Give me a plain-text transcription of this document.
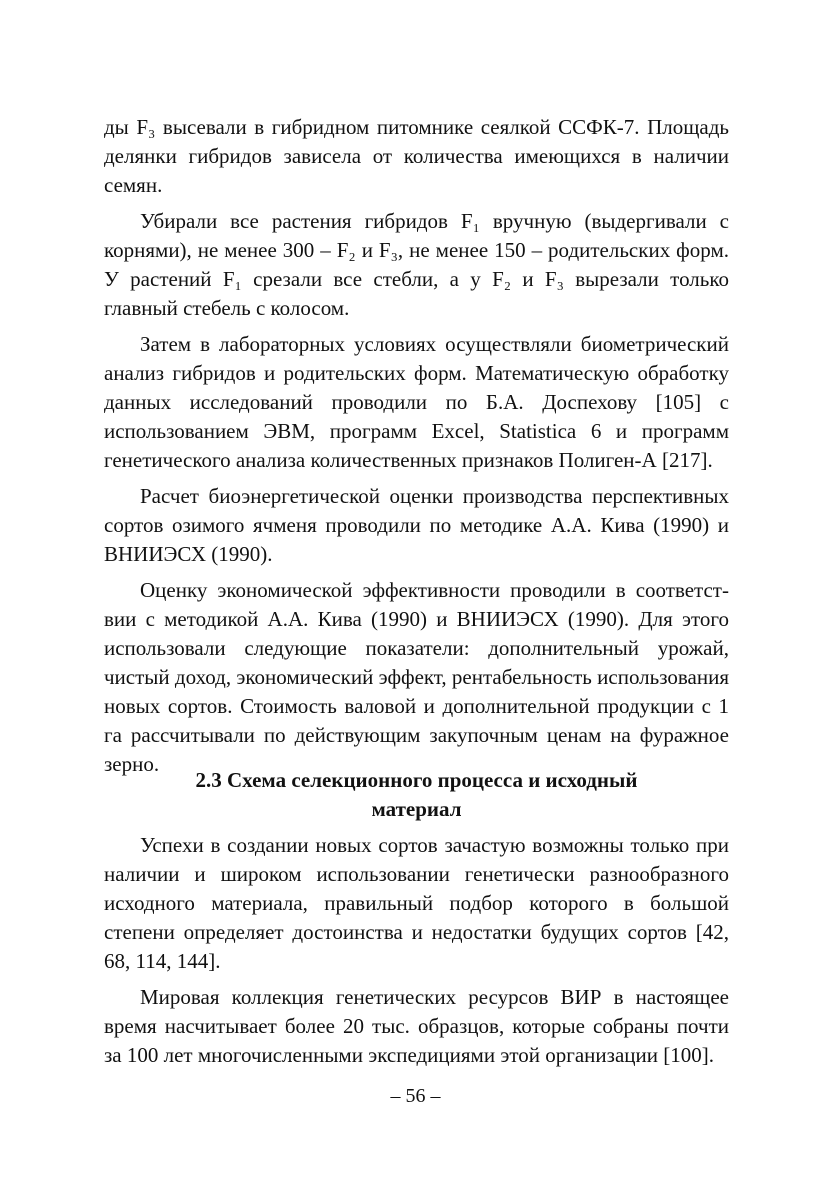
ды F₃ высевали в гибридном питомнике сеялкой ССФК-7. Площадь делянки гибридов зависела от количества имеющихся в наличии семян.

Убирали все растения гибридов F₁ вручную (выдергивали с корнями), не менее 300 – F₂ и F₃, не менее 150 – родительских форм. У растений F₁ срезали все стебли, а у F₂ и F₃ вырезали только главный стебель с колосом.

Затем в лабораторных условиях осуществляли биометрический анализ гибридов и родительских форм. Математическую обработку данных исследований проводили по Б.А. Доспехову [105] с использованием ЭВМ, программ Excel, Statistica 6 и программ генетического анализа количественных признаков Полиген-А [217].

Расчет биоэнергетической оценки производства перспективных сортов озимого ячменя проводили по методике А.А. Кива (1990) и ВНИИЭСХ (1990).

Оценку экономической эффективности проводили в соответствии с методикой А.А. Кива (1990) и ВНИИЭСХ (1990). Для этого использовали следующие показатели: дополнительный урожай, чистый доход, экономический эффект, рентабельность использования новых сортов. Стоимость валовой и дополнительной продукции с 1 га рассчитывали по действующим закупочным ценам на фуражное зерно.

2.3 Схема селекционного процесса и исходный
материал

Успехи в создании новых сортов зачастую возможны только при наличии и широком использовании генетически разнообразного исходного материала, правильный подбор которого в большой степени определяет достоинства и недостатки будущих сортов [42, 68, 114, 144].

Мировая коллекция генетических ресурсов ВИР в настоящее время насчитывает более 20 тыс. образцов, которые собраны почти за 100 лет многочисленными экспедициями этой организации [100].

– 56 –
